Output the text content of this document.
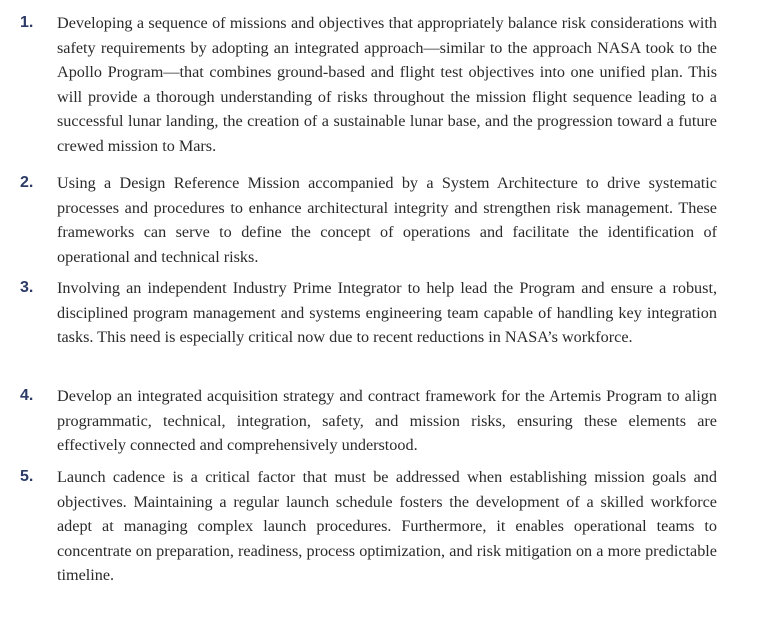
1. Developing a sequence of missions and objectives that appropriately balance risk considerations with safety requirements by adopting an integrated approach—similar to the approach NASA took to the Apollo Program—that combines ground-based and flight test objectives into one unified plan. This will provide a thorough understanding of risks throughout the mission flight sequence leading to a successful lunar landing, the creation of a sustainable lunar base, and the progression toward a future crewed mission to Mars.
2. Using a Design Reference Mission accompanied by a System Architecture to drive systematic processes and procedures to enhance architectural integrity and strengthen risk management. These frameworks can serve to define the concept of operations and facilitate the identification of operational and technical risks.
3. Involving an independent Industry Prime Integrator to help lead the Program and ensure a robust, disciplined program management and systems engineering team capable of handling key integration tasks. This need is especially critical now due to recent reductions in NASA’s workforce.
4. Develop an integrated acquisition strategy and contract framework for the Artemis Program to align programmatic, technical, integration, safety, and mission risks, ensuring these elements are effectively connected and comprehensively understood.
5. Launch cadence is a critical factor that must be addressed when establishing mission goals and objectives. Maintaining a regular launch schedule fosters the development of a skilled workforce adept at managing complex launch procedures. Furthermore, it enables operational teams to concentrate on preparation, readiness, process optimization, and risk mitigation on a more predictable timeline.
